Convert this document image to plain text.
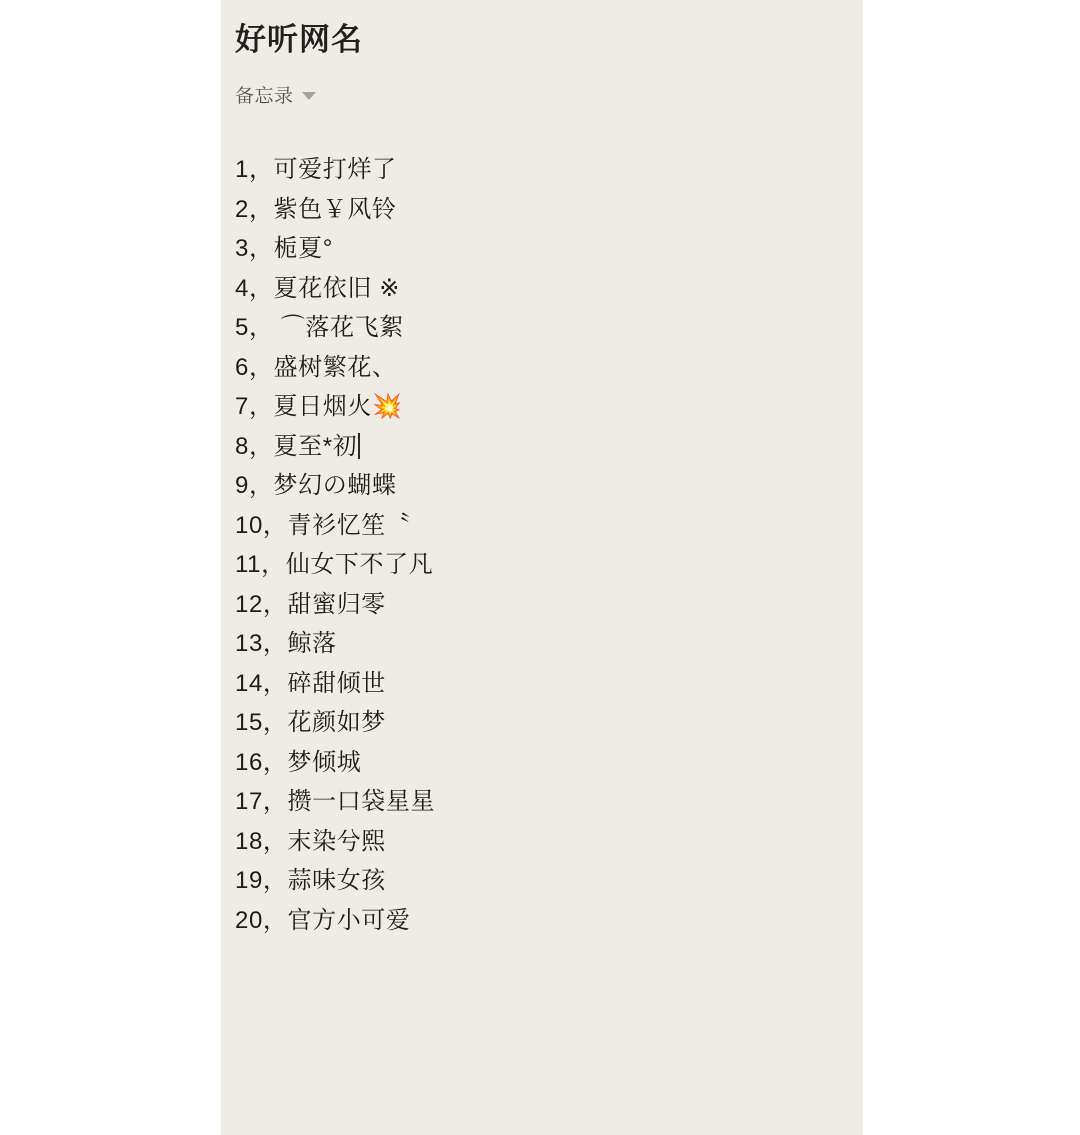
好听网名
备忘录
1，可爱打烊了
2，紫色￥风铃
3，栀夏°
4，夏花依旧 ※
5， ⌒落花飞絮
6，盛树繁花、
7，夏日烟火💥
8，夏至*初
9，梦幻の蝴蝶
10，青衫忆笙〝
11，仙女下不了凡
12，甜蜜归零
13，鲸落
14，碎甜倾世
15，花颜如梦
16，梦倾城
17，攒一口袋星星
18，末染兮熙
19，蒜味女孩
20，官方小可爱
